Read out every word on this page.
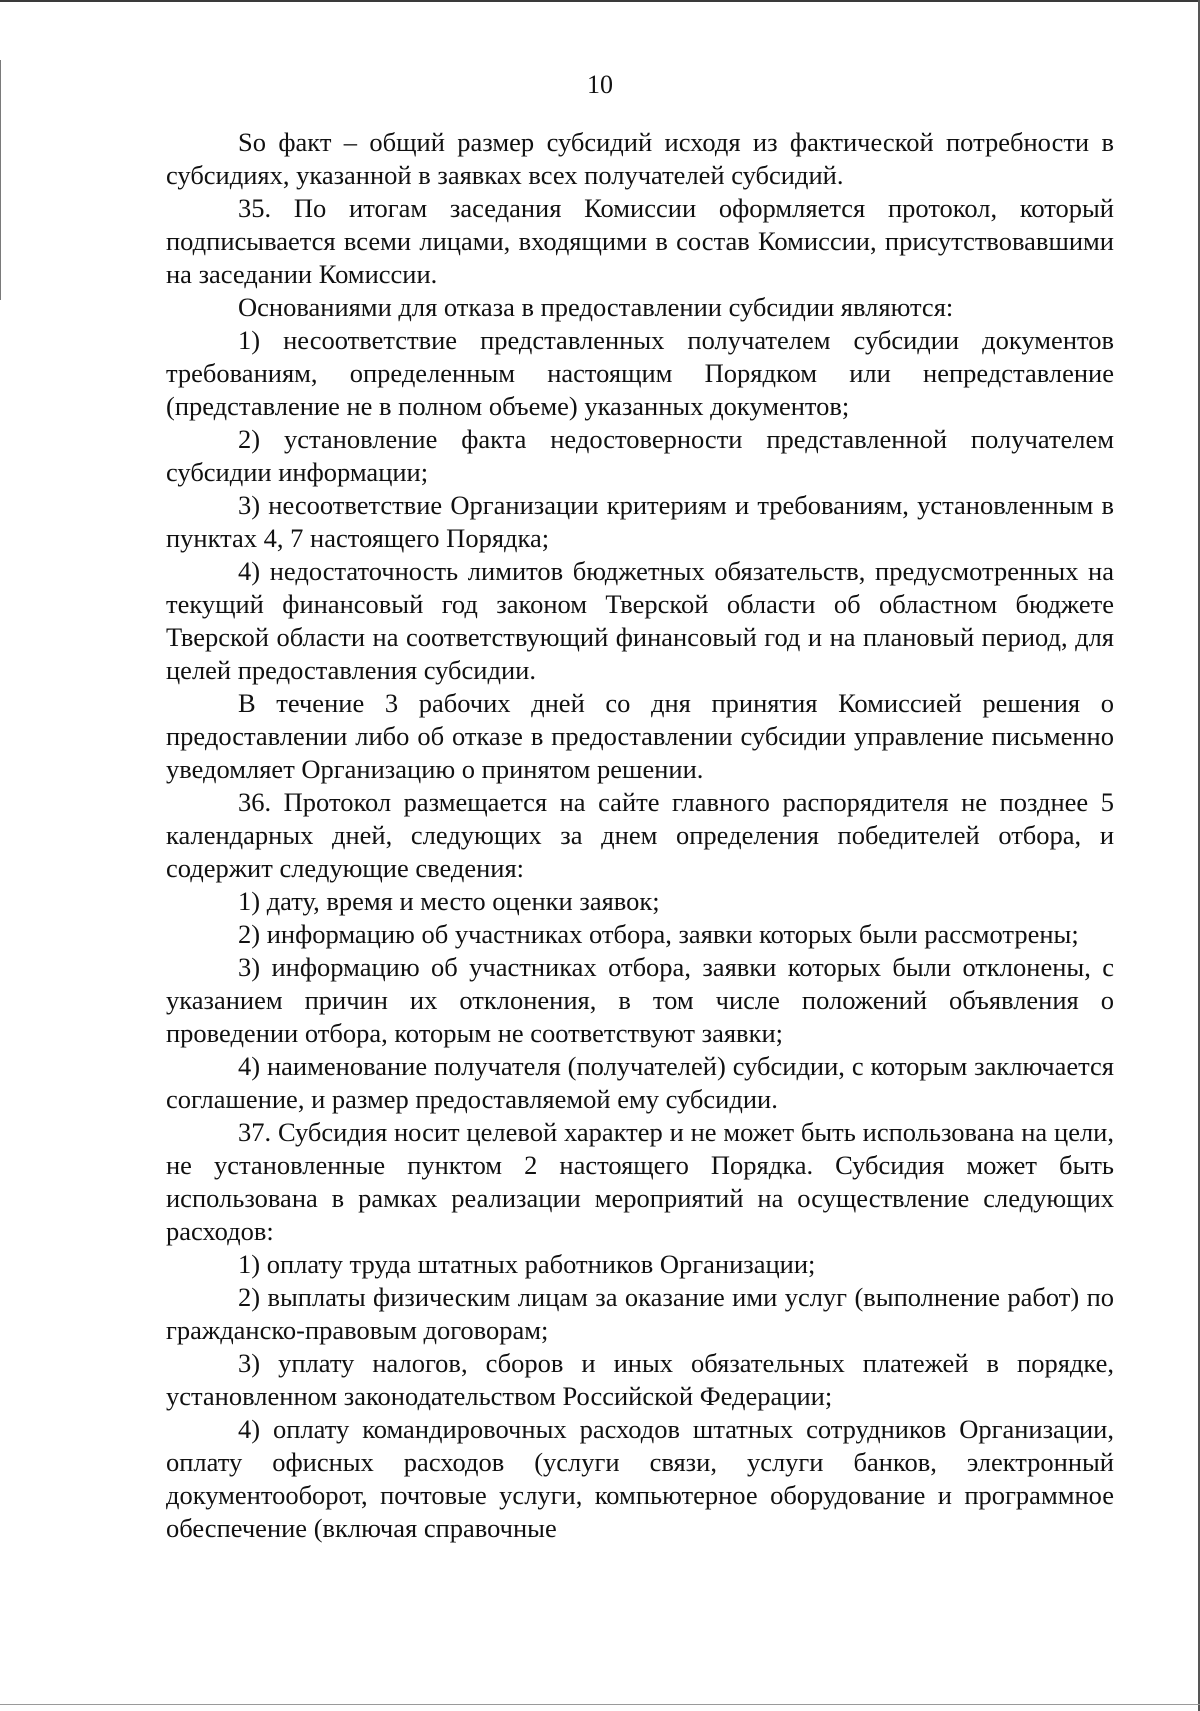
10

So факт – общий размер субсидий исходя из фактической потребности в субсидиях, указанной в заявках всех получателей субсидий.

35. По итогам заседания Комиссии оформляется протокол, который подписывается всеми лицами, входящими в состав Комиссии, присутствовавшими на заседании Комиссии.

Основаниями для отказа в предоставлении субсидии являются:

1) несоответствие представленных получателем субсидии документов требованиям, определенным настоящим Порядком или непредставление (представление не в полном объеме) указанных документов;

2) установление факта недостоверности представленной получателем субсидии информации;

3) несоответствие Организации критериям и требованиям, установленным в пунктах 4, 7 настоящего Порядка;

4) недостаточность лимитов бюджетных обязательств, предусмотренных на текущий финансовый год законом Тверской области об областном бюджете Тверской области на соответствующий финансовый год и на плановый период, для целей предоставления субсидии.

В течение 3 рабочих дней со дня принятия Комиссией решения о предоставлении либо об отказе в предоставлении субсидии управление письменно уведомляет Организацию о принятом решении.

36. Протокол размещается на сайте главного распорядителя не позднее 5 календарных дней, следующих за днем определения победителей отбора, и содержит следующие сведения:

1) дату, время и место оценки заявок;

2) информацию об участниках отбора, заявки которых были рассмотрены;

3) информацию об участниках отбора, заявки которых были отклонены, с указанием причин их отклонения, в том числе положений объявления о проведении отбора, которым не соответствуют заявки;

4) наименование получателя (получателей) субсидии, с которым заключается соглашение, и размер предоставляемой ему субсидии.

37. Субсидия носит целевой характер и не может быть использована на цели, не установленные пунктом 2 настоящего Порядка. Субсидия может быть использована в рамках реализации мероприятий на осуществление следующих расходов:

1) оплату труда штатных работников Организации;

2) выплаты физическим лицам за оказание ими услуг (выполнение работ) по гражданско-правовым договорам;

3) уплату налогов, сборов и иных обязательных платежей в порядке, установленном законодательством Российской Федерации;

4) оплату командировочных расходов штатных сотрудников Организации, оплату офисных расходов (услуги связи, услуги банков, электронный документооборот, почтовые услуги, компьютерное оборудование и программное обеспечение (включая справочные
